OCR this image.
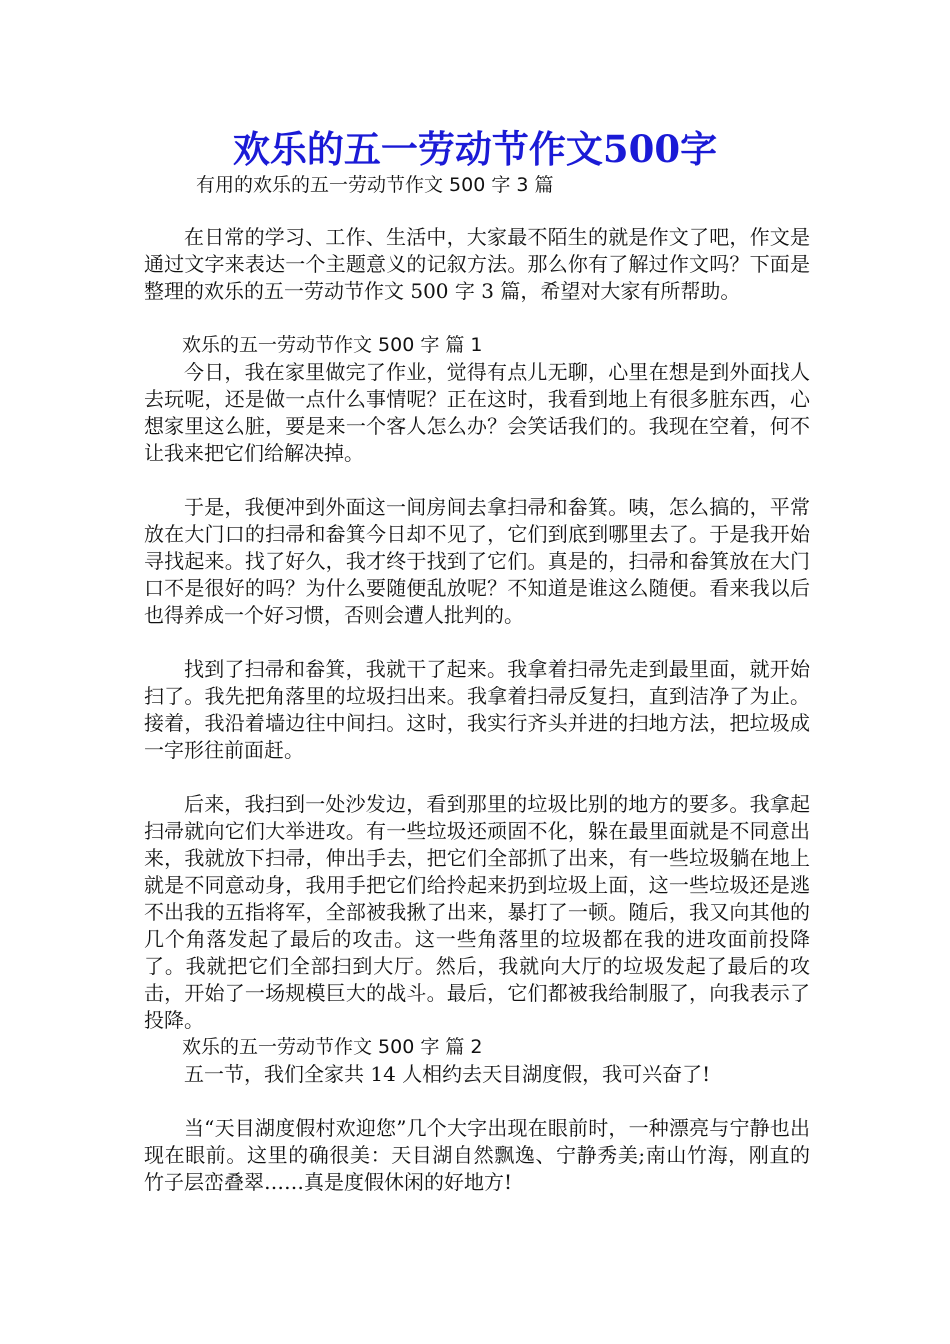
欢乐的五一劳动节作文500字
有用的欢乐的五一劳动节作文 500 字 3 篇

在日常的学习、工作、生活中，大家最不陌生的就是作文了吧，作文是通过文字来表达一个主题意义的记叙方法。那么你有了解过作文吗？下面是整理的欢乐的五一劳动节作文 500 字 3 篇，希望对大家有所帮助。

欢乐的五一劳动节作文 500 字 篇 1

今日，我在家里做完了作业，觉得有点儿无聊，心里在想是到外面找人去玩呢，还是做一点什么事情呢？正在这时，我看到地上有很多脏东西，心想家里这么脏，要是来一个客人怎么办？会笑话我们的。我现在空着，何不让我来把它们给解决掉。

于是，我便冲到外面这一间房间去拿扫帚和畚箕。咦，怎么搞的，平常放在大门口的扫帚和畚箕今日却不见了，它们到底到哪里去了。于是我开始寻找起来。找了好久，我才终于找到了它们。真是的，扫帚和畚箕放在大门口不是很好的吗？为什么要随便乱放呢？不知道是谁这么随便。看来我以后也得养成一个好习惯，否则会遭人批判的。

找到了扫帚和畚箕，我就干了起来。我拿着扫帚先走到最里面，就开始扫了。我先把角落里的垃圾扫出来。我拿着扫帚反复扫，直到洁净了为止。接着，我沿着墙边往中间扫。这时，我实行齐头并进的扫地方法，把垃圾成一字形往前面赶。

后来，我扫到一处沙发边，看到那里的垃圾比别的地方的要多。我拿起扫帚就向它们大举进攻。有一些垃圾还顽固不化，躲在最里面就是不同意出来，我就放下扫帚，伸出手去，把它们全部抓了出来，有一些垃圾躺在地上就是不同意动身，我用手把它们给拎起来扔到垃圾上面，这一些垃圾还是逃不出我的五指将军，全部被我揪了出来，暴打了一顿。随后，我又向其他的几个角落发起了最后的攻击。这一些角落里的垃圾都在我的进攻面前投降了。我就把它们全部扫到大厅。然后，我就向大厅的垃圾发起了最后的攻击，开始了一场规模巨大的战斗。最后，它们都被我给制服了，向我表示了投降。

欢乐的五一劳动节作文 500 字 篇 2

五一节，我们全家共 14 人相约去天目湖度假，我可兴奋了!

当“天目湖度假村欢迎您”几个大字出现在眼前时，一种漂亮与宁静也出现在眼前。这里的确很美：天目湖自然飘逸、宁静秀美;南山竹海，刚直的竹子层峦叠翠……真是度假休闲的好地方!
